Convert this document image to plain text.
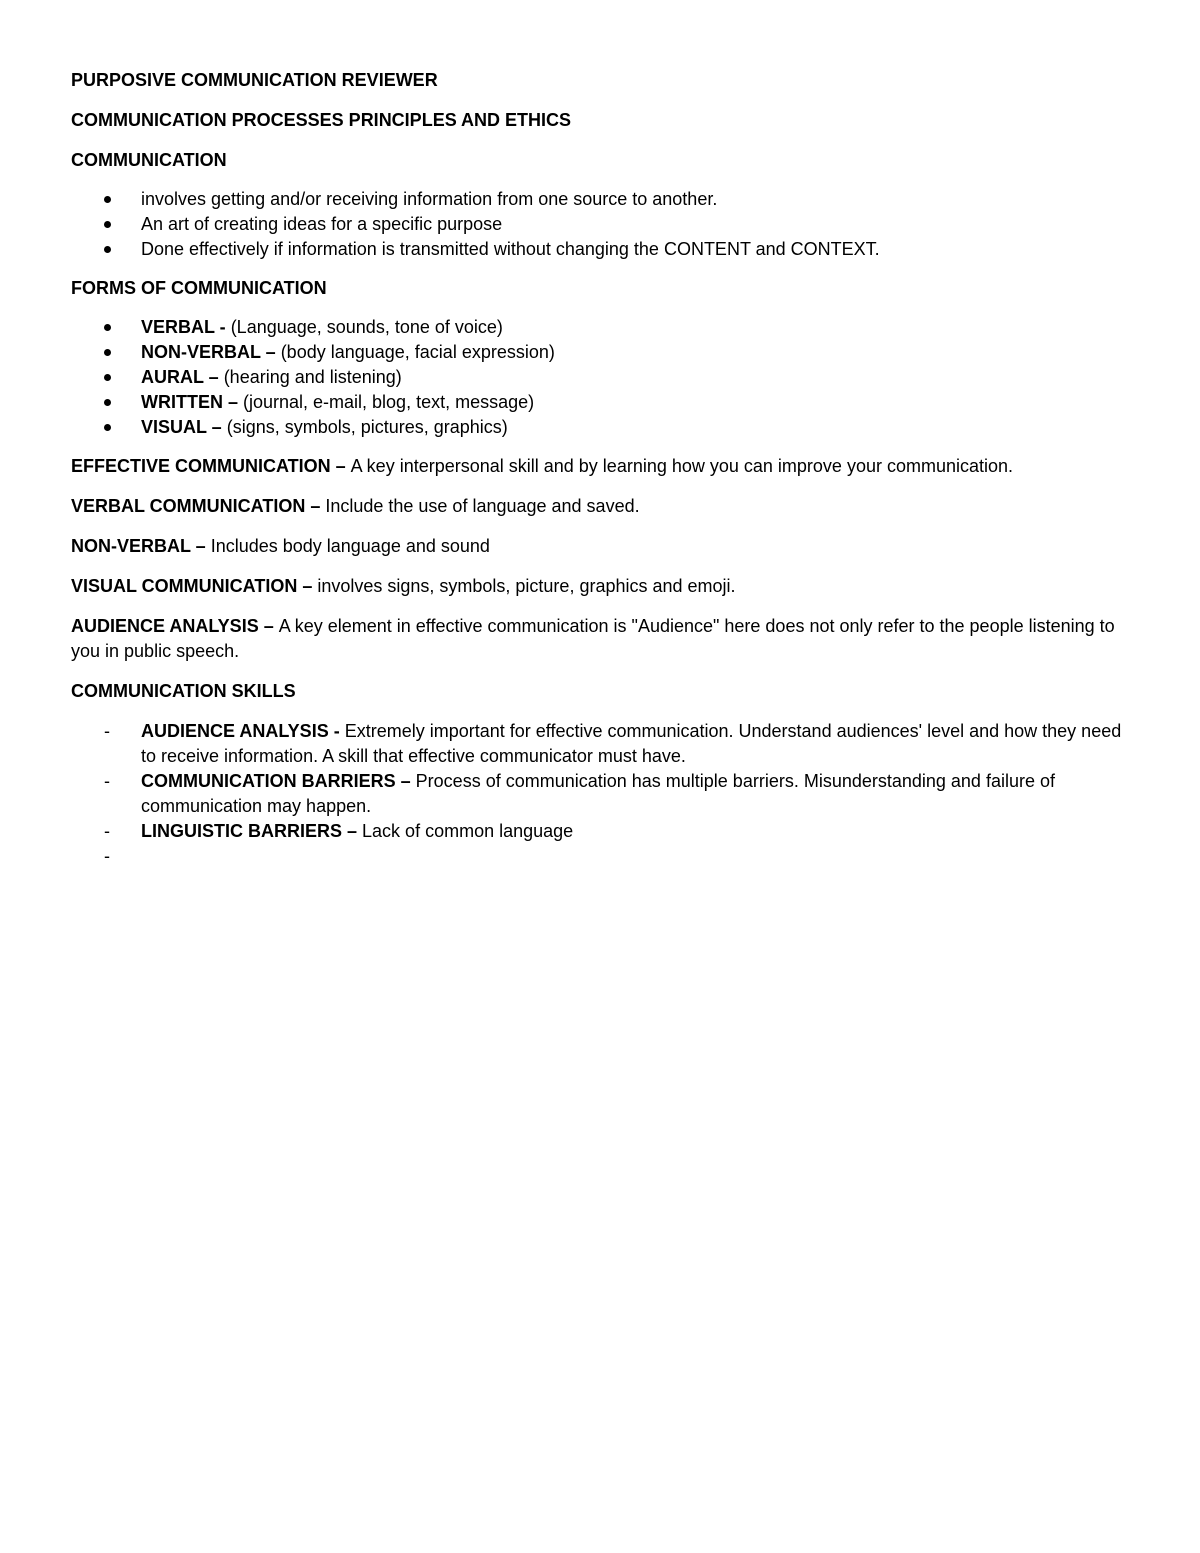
PURPOSIVE COMMUNICATION REVIEWER
COMMUNICATION PROCESSES PRINCIPLES AND ETHICS
COMMUNICATION
involves getting and/or receiving information from one source to another.
An art of creating ideas for a specific purpose
Done effectively if information is transmitted without changing the CONTENT and CONTEXT.
FORMS OF COMMUNICATION
VERBAL - (Language, sounds, tone of voice)
NON-VERBAL – (body language, facial expression)
AURAL – (hearing and listening)
WRITTEN – (journal, e-mail, blog, text, message)
VISUAL – (signs, symbols, pictures, graphics)
EFFECTIVE COMMUNICATION – A key interpersonal skill and by learning how you can improve your communication.
VERBAL COMMUNICATION – Include the use of language and saved.
NON-VERBAL – Includes body language and sound
VISUAL COMMUNICATION – involves signs, symbols, picture, graphics and emoji.
AUDIENCE ANALYSIS – A key element in effective communication is "Audience" here does not only refer to the people listening to you in public speech.
COMMUNICATION SKILLS
- AUDIENCE ANALYSIS - Extremely important for effective communication. Understand audiences' level and how they need to receive information. A skill that effective communicator must have.
- COMMUNICATION BARRIERS – Process of communication has multiple barriers. Misunderstanding and failure of communication may happen.
- LINGUISTIC BARRIERS – Lack of common language
-
